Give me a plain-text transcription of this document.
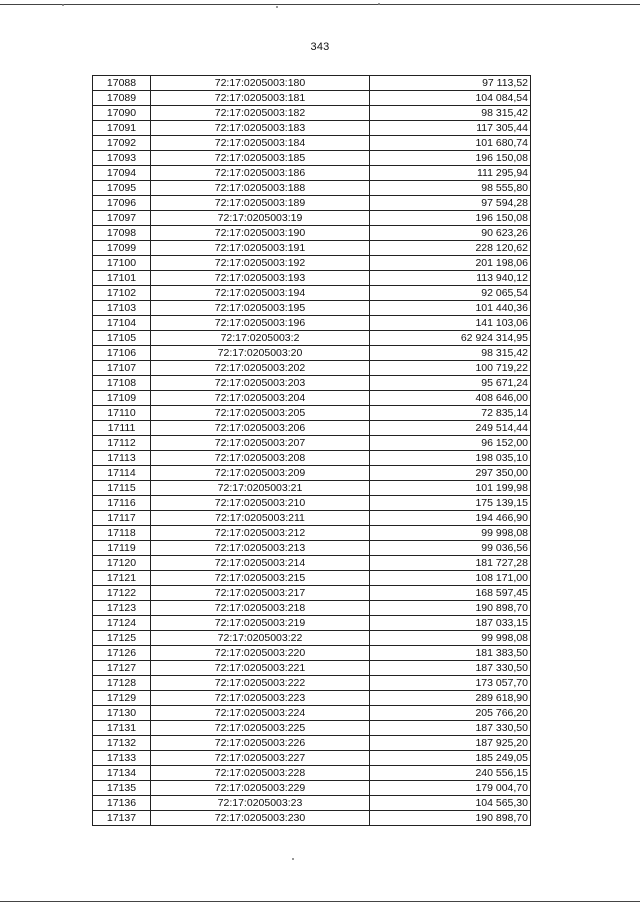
343
17088	72:17:0205003:180	97 113,52
17089	72:17:0205003:181	104 084,54
17090	72:17:0205003:182	98 315,42
17091	72:17:0205003:183	117 305,44
17092	72:17:0205003:184	101 680,74
17093	72:17:0205003:185	196 150,08
17094	72:17:0205003:186	111 295,94
17095	72:17:0205003:188	98 555,80
17096	72:17:0205003:189	97 594,28
17097	72:17:0205003:19	196 150,08
17098	72:17:0205003:190	90 623,26
17099	72:17:0205003:191	228 120,62
17100	72:17:0205003:192	201 198,06
17101	72:17:0205003:193	113 940,12
17102	72:17:0205003:194	92 065,54
17103	72:17:0205003:195	101 440,36
17104	72:17:0205003:196	141 103,06
17105	72:17:0205003:2	62 924 314,95
17106	72:17:0205003:20	98 315,42
17107	72:17:0205003:202	100 719,22
17108	72:17:0205003:203	95 671,24
17109	72:17:0205003:204	408 646,00
17110	72:17:0205003:205	72 835,14
17111	72:17:0205003:206	249 514,44
17112	72:17:0205003:207	96 152,00
17113	72:17:0205003:208	198 035,10
17114	72:17:0205003:209	297 350,00
17115	72:17:0205003:21	101 199,98
17116	72:17:0205003:210	175 139,15
17117	72:17:0205003:211	194 466,90
17118	72:17:0205003:212	99 998,08
17119	72:17:0205003:213	99 036,56
17120	72:17:0205003:214	181 727,28
17121	72:17:0205003:215	108 171,00
17122	72:17:0205003:217	168 597,45
17123	72:17:0205003:218	190 898,70
17124	72:17:0205003:219	187 033,15
17125	72:17:0205003:22	99 998,08
17126	72:17:0205003:220	181 383,50
17127	72:17:0205003:221	187 330,50
17128	72:17:0205003:222	173 057,70
17129	72:17:0205003:223	289 618,90
17130	72:17:0205003:224	205 766,20
17131	72:17:0205003:225	187 330,50
17132	72:17:0205003:226	187 925,20
17133	72:17:0205003:227	185 249,05
17134	72:17:0205003:228	240 556,15
17135	72:17:0205003:229	179 004,70
17136	72:17:0205003:23	104 565,30
17137	72:17:0205003:230	190 898,70
